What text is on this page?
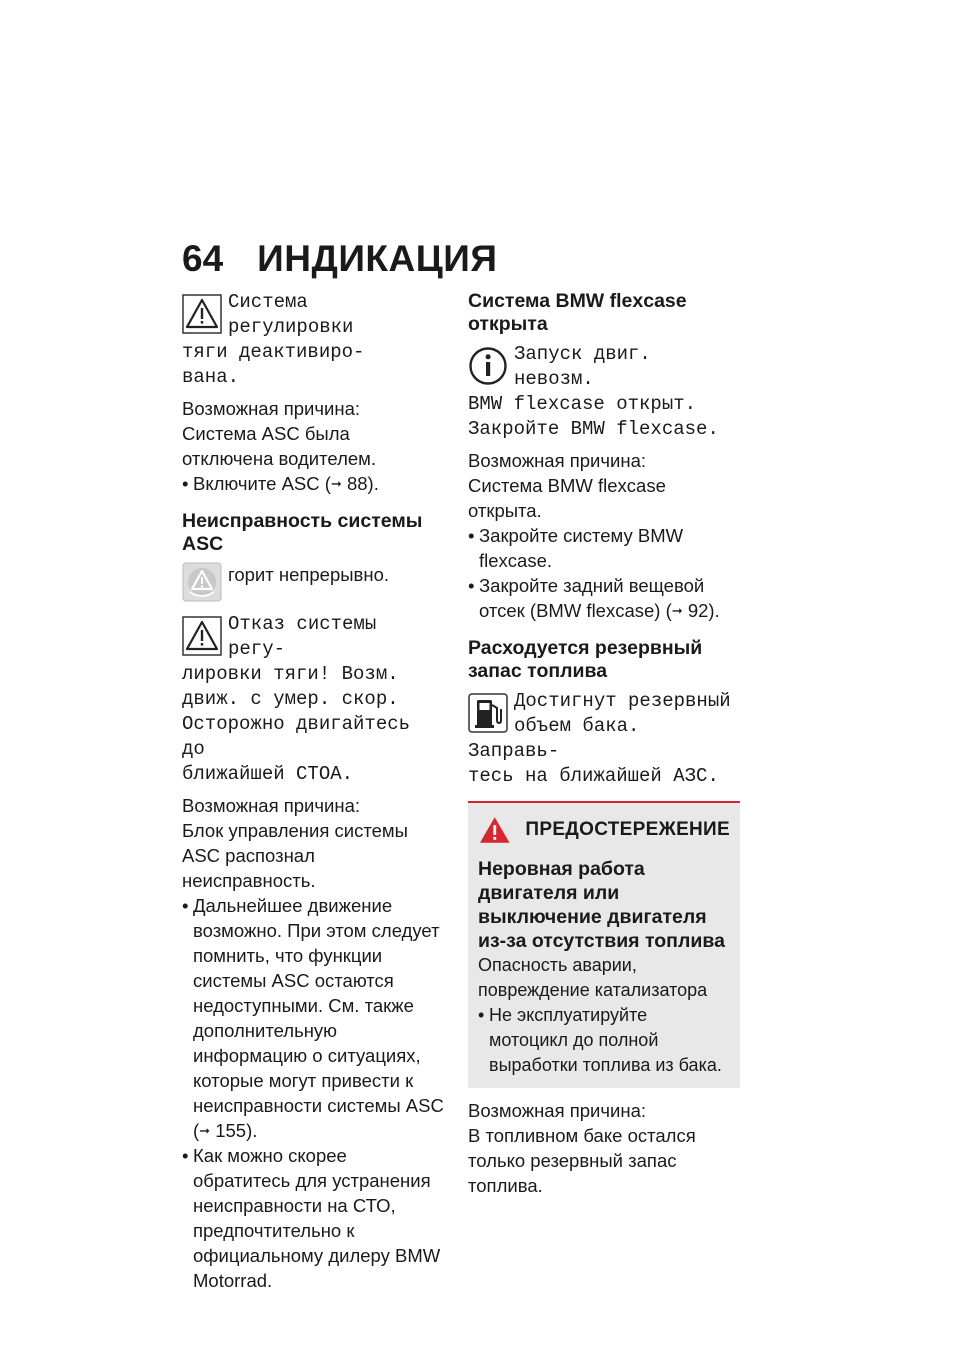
64 ИНДИКАЦИЯ
Система регулировки
тяги деактивиро-
вана.

Возможная причина:

Система ASC была отключена водителем.

• Включите ASC (➞ 88).

Неисправность системы ASC

горит непрерывно.
Отказ системы регу-
лировки тяги! Возм.
движ. с умер. скор.
Осторожно двигайтесь до
ближайшей СТОА.

Возможная причина:

Блок управления системы ASC распознал неисправность.

• Дальнейшее движение возможно. При этом следует помнить, что функции системы ASC остаются недоступными. См. также дополнительную информацию о ситуациях, которые могут привести к неисправности системы ASC (➞ 155).
• Как можно скорее обратитесь для устранения неисправности на СТО, предпочтительно к официальному дилеру BMW Motorrad.

Система BMW flexcase открыта

Запуск двиг. невозм.
BMW flexcase открыт.
Закройте BMW flexcase.

Возможная причина:

Система BMW flexcase открыта.

• Закройте систему BMW flexcase.
• Закройте задний вещевой отсек (BMW flexcase) (➞ 92).

Расходуется резервный запас топлива

Достигнут резервный
объем бака. Заправь-
тесь на ближайшей АЗС.
ПРЕДОСТЕРЕЖЕНИЕ
Неровная работа двигателя или выключение двигателя из-за отсутствия топлива

Опасность аварии, повреждение катализатора

• Не эксплуатируйте мотоцикл до полной выработки топлива из бака.

Возможная причина:

В топливном баке остался только резервный запас топлива.
